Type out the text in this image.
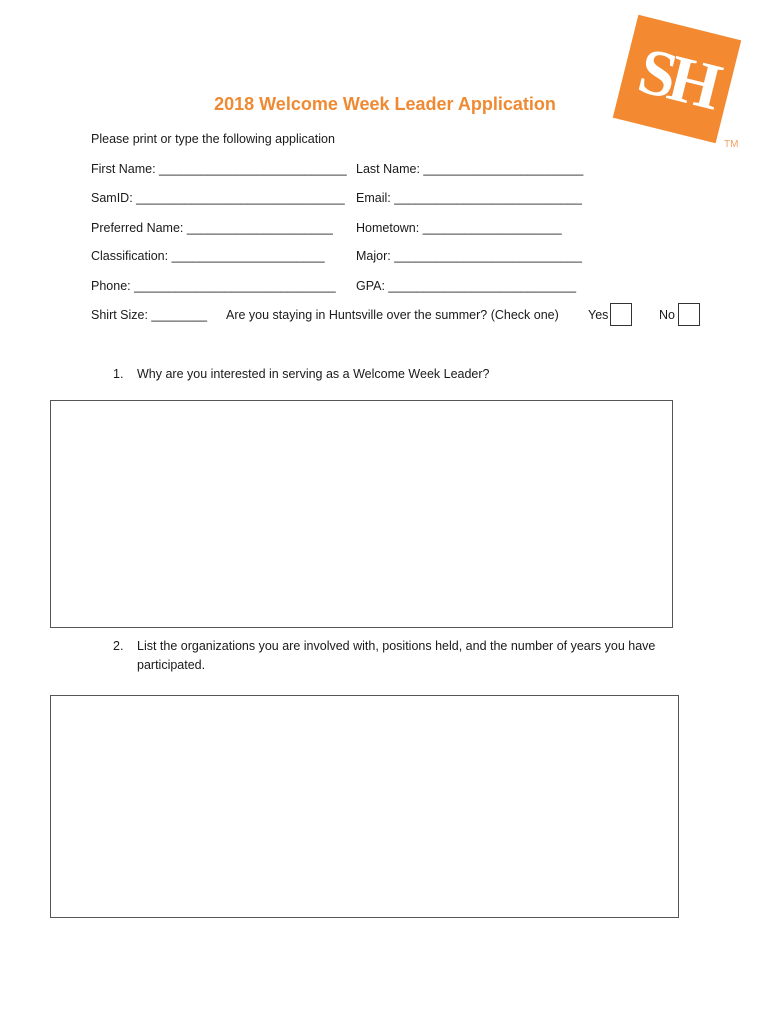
SH
TM
2018 Welcome Week Leader Application
Please print or type the following application
First Name: ___________________________ Last Name: _______________________
SamID: ______________________________ Email: ___________________________
Preferred Name: _____________________ Hometown: ____________________
Classification: ______________________	Major: ___________________________
Phone: _____________________________ GPA: ___________________________
Shirt Size: ________ Are you staying in Huntsville over the summer? (Check one) Yes	No
1. Why are you interested in serving as a Welcome Week Leader?
2. List the organizations you are involved with, positions held, and the number of years you have
participated.
